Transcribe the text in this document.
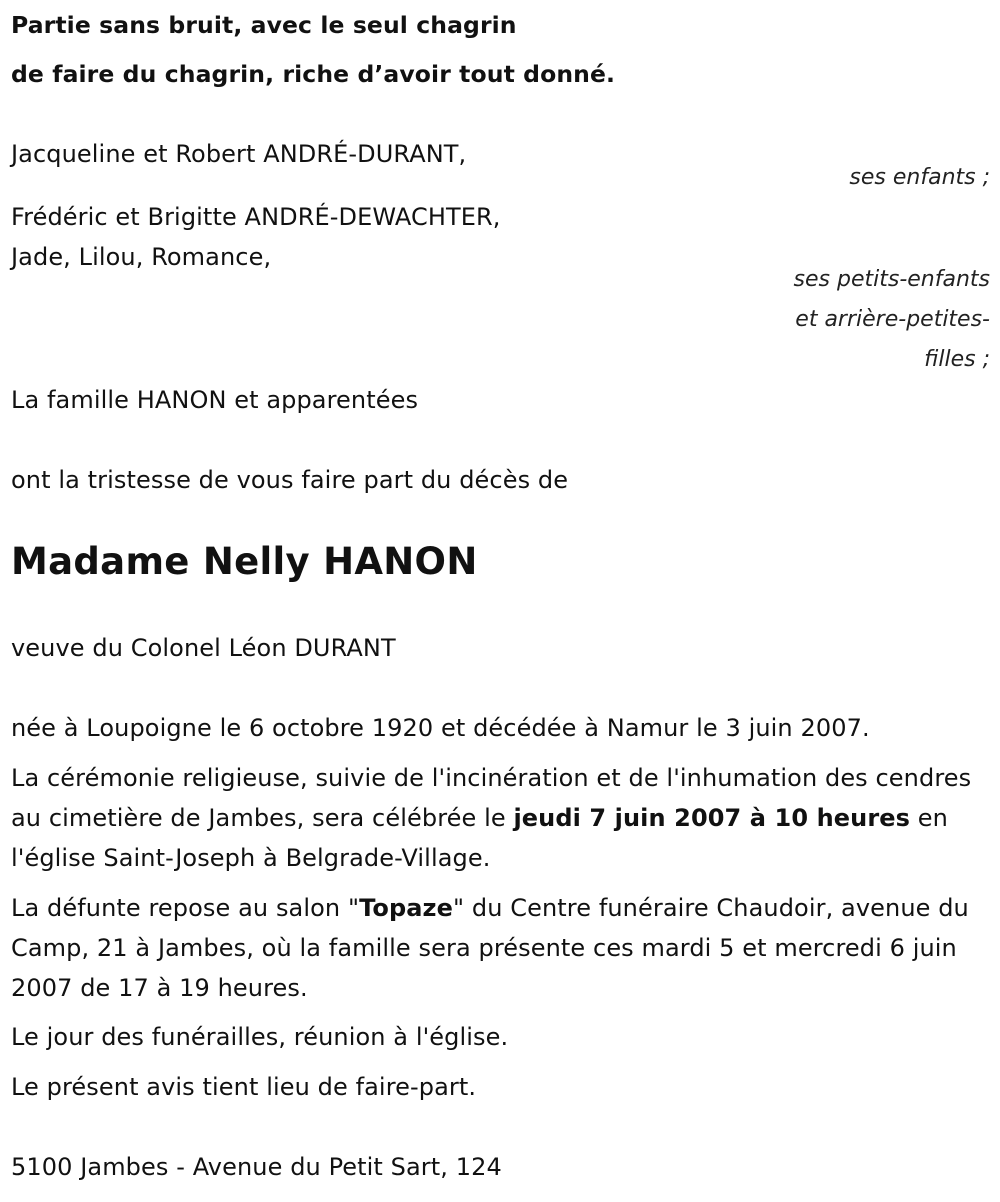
Partie sans bruit, avec le seul chagrin
de faire du chagrin, riche d’avoir tout donné.
Jacqueline et Robert ANDRÉ-DURANT,
ses enfants ;
Frédéric et Brigitte ANDRÉ-DEWACHTER,
Jade, Lilou, Romance,
ses petits-enfants
et arrière-petites-
filles ;
La famille HANON et apparentées
ont la tristesse de vous faire part du décès de
Madame Nelly HANON
veuve du Colonel Léon DURANT
née à Loupoigne le 6 octobre 1920 et décédée à Namur le 3 juin 2007.
La cérémonie religieuse, suivie de l'incinération et de l'inhumation des cendres au cimetière de Jambes, sera célébrée le jeudi 7 juin 2007 à 10 heures en l'église Saint-Joseph à Belgrade-Village.
La défunte repose au salon "Topaze" du Centre funéraire Chaudoir, avenue du Camp, 21 à Jambes, où la famille sera présente ces mardi 5 et mercredi 6 juin 2007 de 17 à 19 heures.
Le jour des funérailles, réunion à l'église.
Le présent avis tient lieu de faire-part.
5100 Jambes - Avenue du Petit Sart, 124
